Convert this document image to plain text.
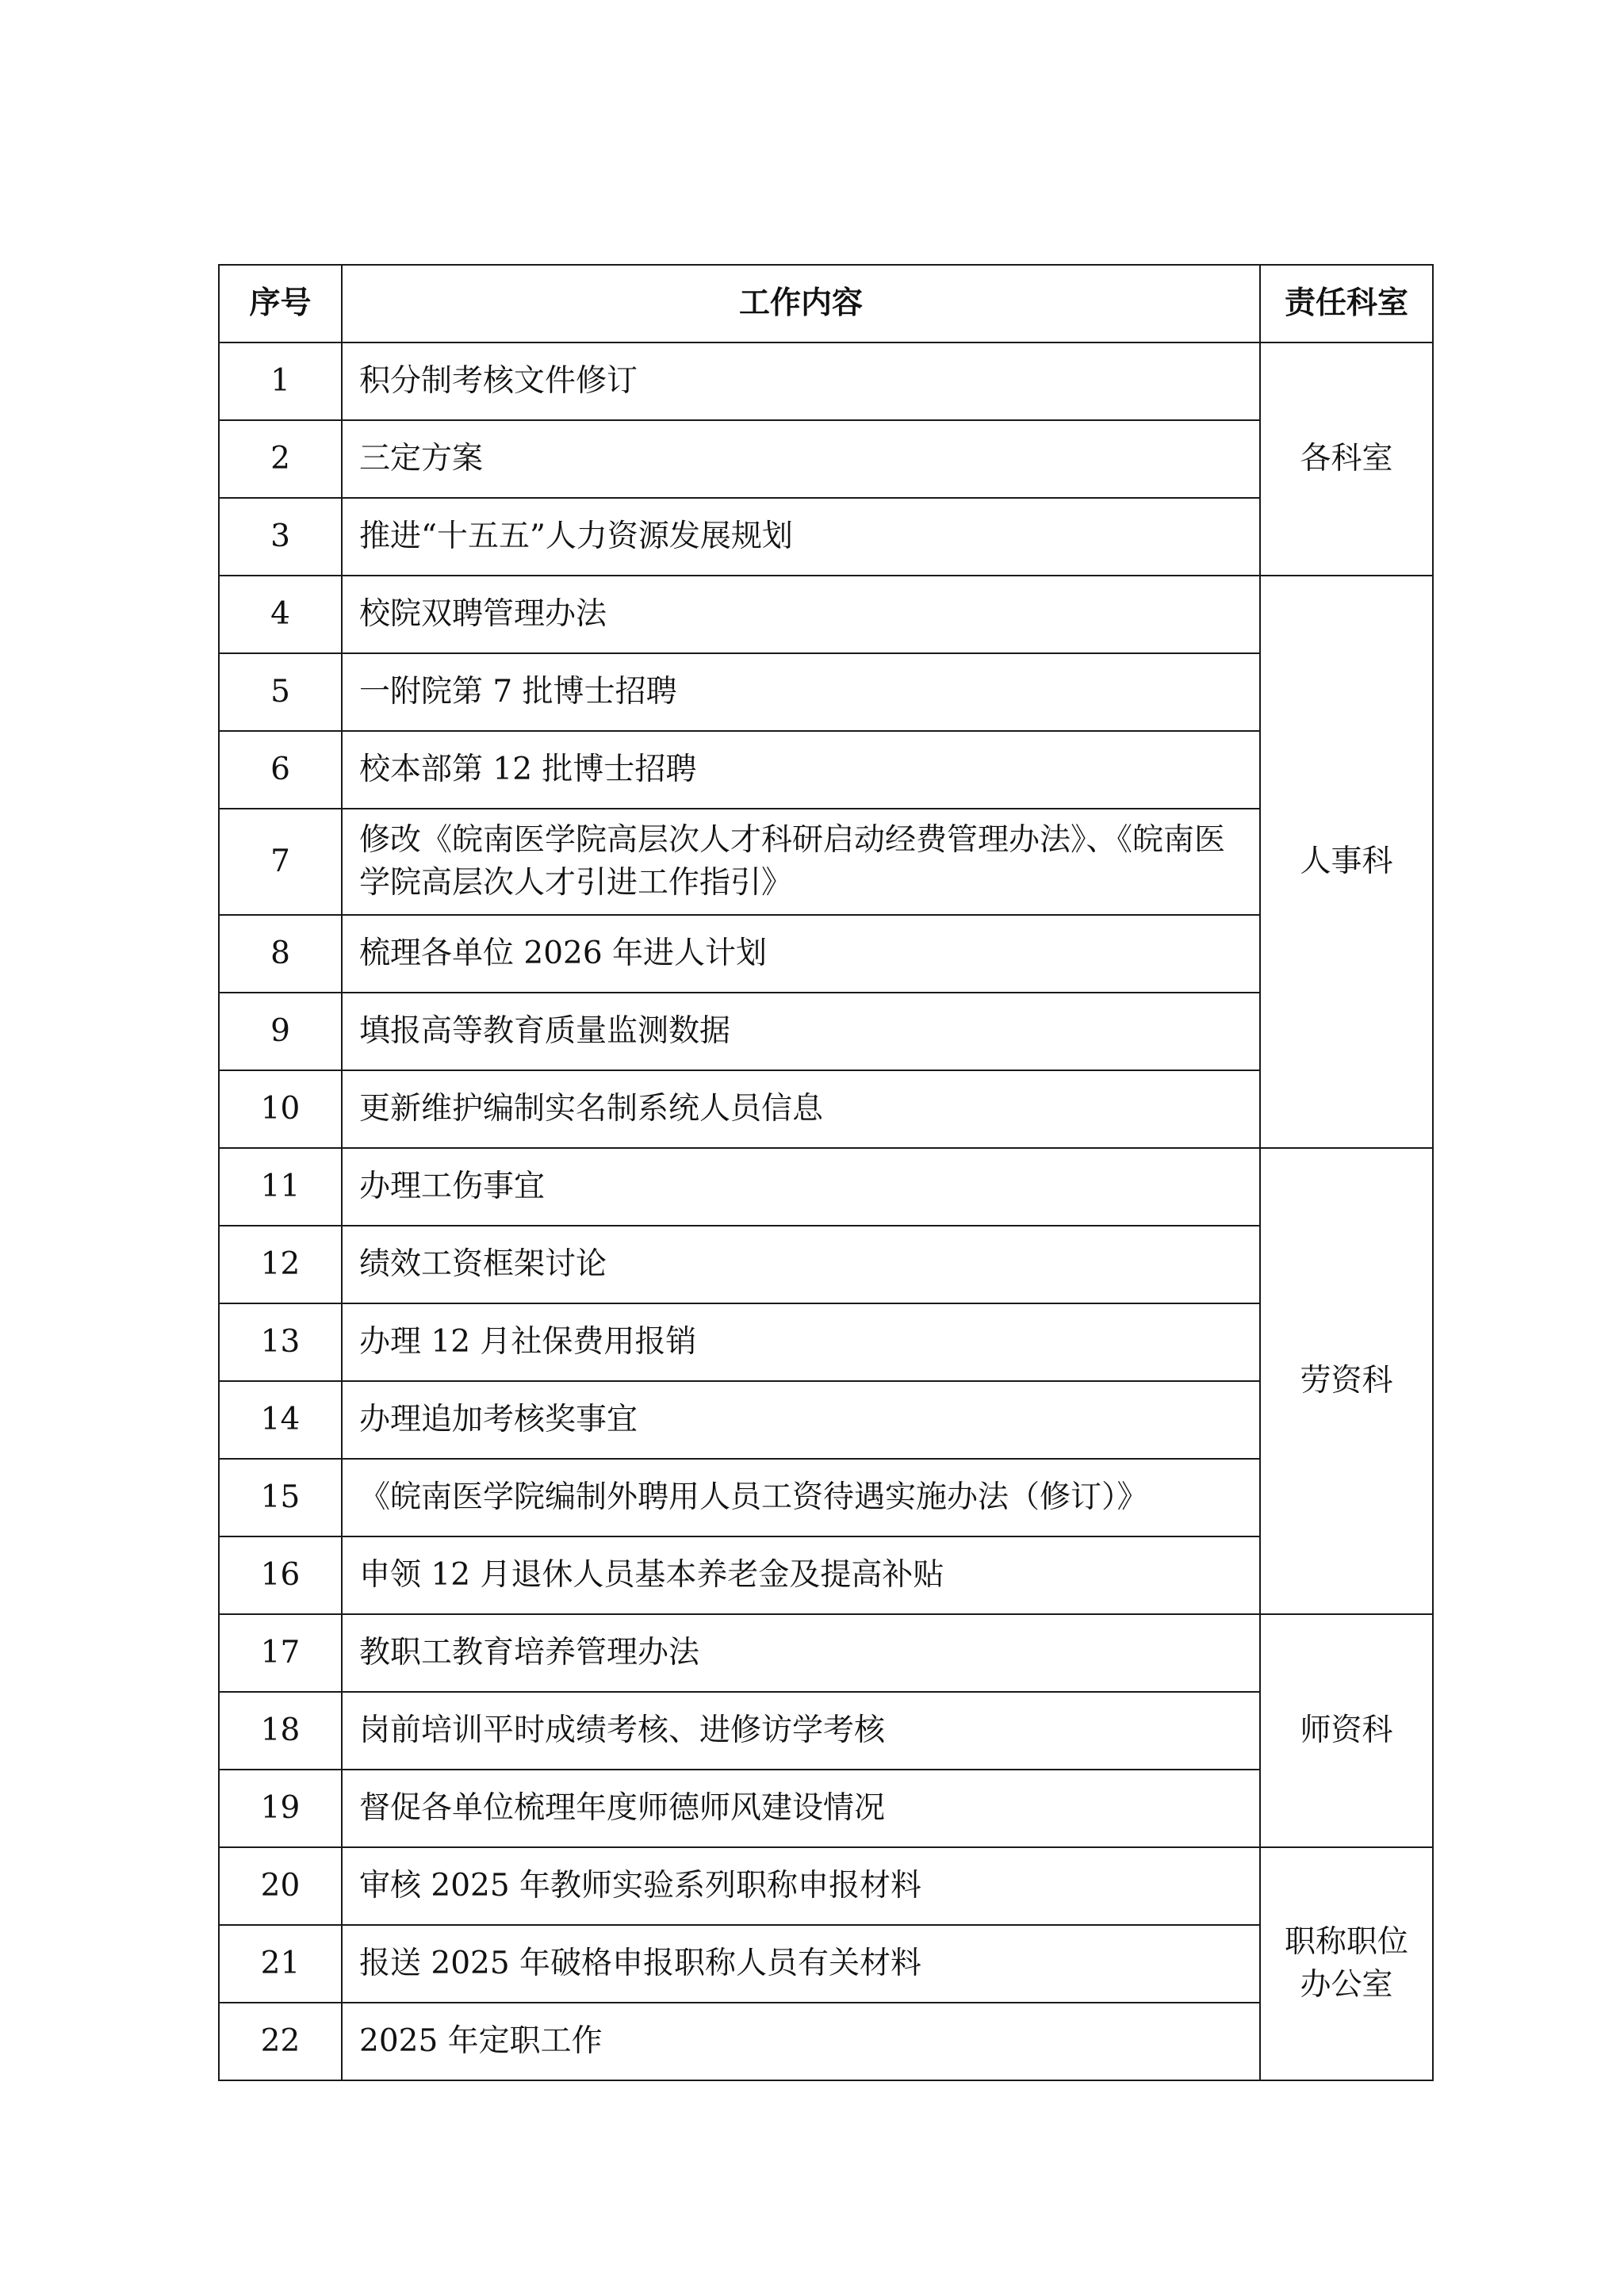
序号	工作内容	责任科室
1	积分制考核文件修订	各科室
2	三定方案	
3	推进“十五五”人力资源发展规划	
4	校院双聘管理办法	人事科
5	一附院第 7 批博士招聘	
6	校本部第 12 批博士招聘	
7	修改《皖南医学院高层次人才科研启动经费管理办法》、《皖南医学院高层次人才引进工作指引》	
8	梳理各单位 2026 年进人计划	
9	填报高等教育质量监测数据	
10	更新维护编制实名制系统人员信息	
11	办理工伤事宜	劳资科
12	绩效工资框架讨论	
13	办理 12 月社保费用报销	
14	办理追加考核奖事宜	
15	《皖南医学院编制外聘用人员工资待遇实施办法（修订）》	
16	申领 12 月退休人员基本养老金及提高补贴	
17	教职工教育培养管理办法	师资科
18	岗前培训平时成绩考核、进修访学考核	
19	督促各单位梳理年度师德师风建设情况	
20	审核 2025 年教师实验系列职称申报材料	职称职位办公室
21	报送 2025 年破格申报职称人员有关材料	
22	2025 年定职工作	
